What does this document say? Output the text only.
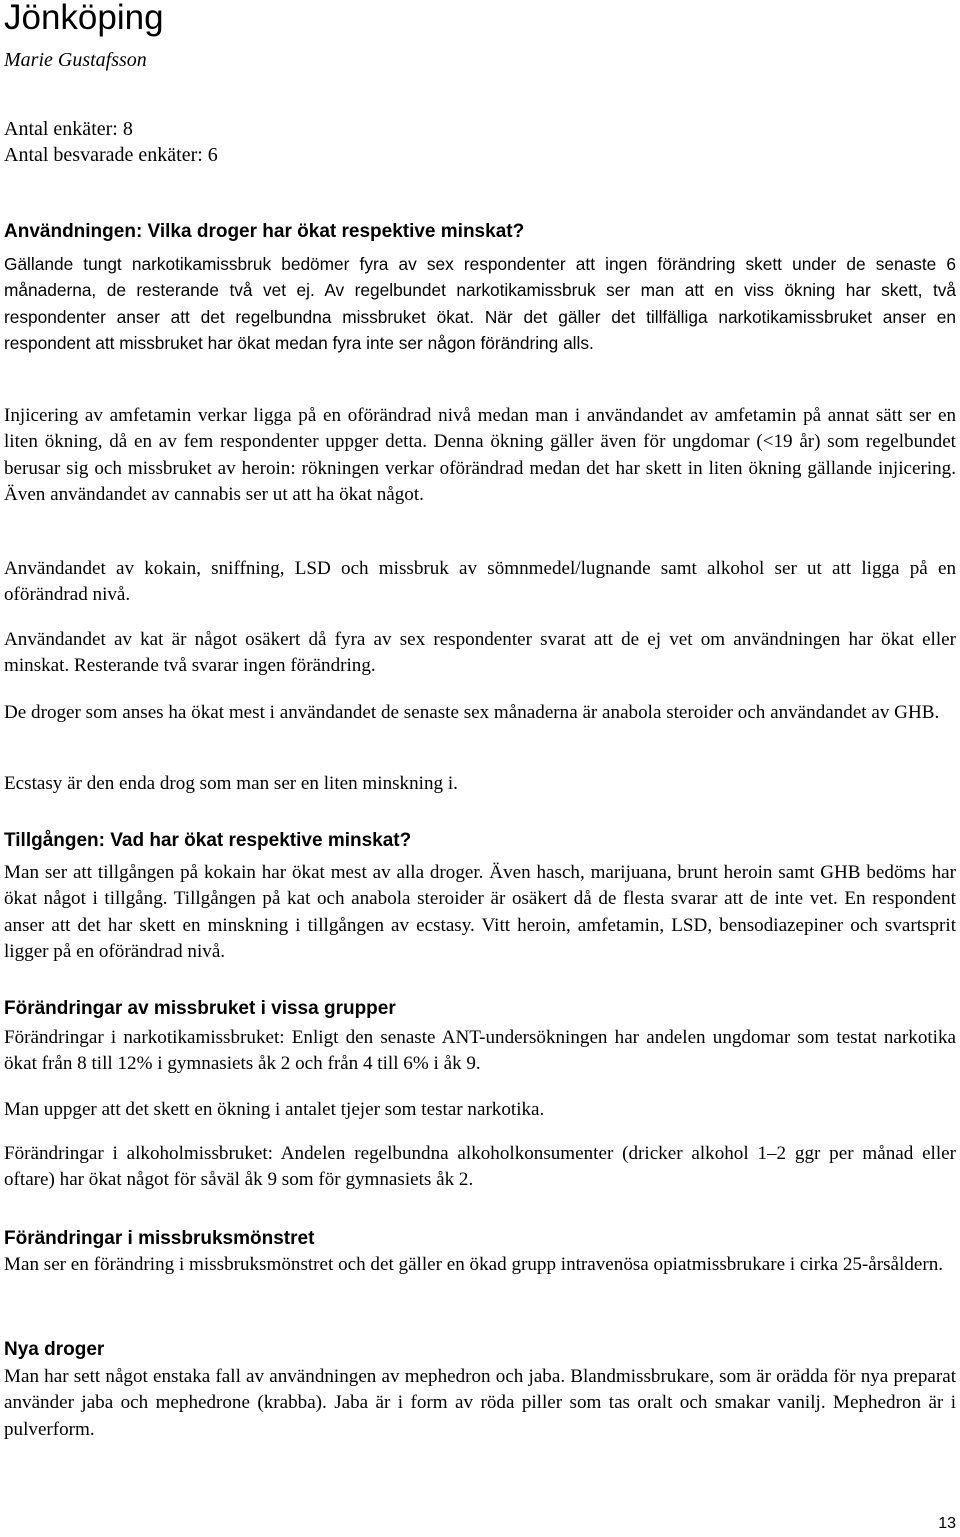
Jönköping
Marie Gustafsson
Antal enkäter: 8
Antal besvarade enkäter: 6
Användningen: Vilka droger har ökat respektive minskat?

Gällande tungt narkotikamissbruk bedömer fyra av sex respondenter att ingen förändring skett under de senaste 6 månaderna, de resterande två vet ej. Av regelbundet narkotikamissbruk ser man att en viss ökning har skett, två respondenter anser att det regelbundna missbruket ökat. När det gäller det tillfälliga narkotikamissbruket anser en respondent att missbruket har ökat medan fyra inte ser någon förändring alls.

Injicering av amfetamin verkar ligga på en oförändrad nivå medan man i användandet av amfetamin på annat sätt ser en liten ökning, då en av fem respondenter uppger detta. Denna ökning gäller även för ungdomar (<19 år) som regelbundet berusar sig och missbruket av heroin: rökningen verkar oförändrad medan det har skett in liten ökning gällande injicering. Även användandet av cannabis ser ut att ha ökat något.

Användandet av kokain, sniffning, LSD och missbruk av sömnmedel/lugnande samt alkohol ser ut att ligga på en oförändrad nivå.

Användandet av kat är något osäkert då fyra av sex respondenter svarat att de ej vet om användningen har ökat eller minskat. Resterande två svarar ingen förändring.

De droger som anses ha ökat mest i användandet de senaste sex månaderna är anabola steroider och användandet av GHB.

Ecstasy är den enda drog som man ser en liten minskning i.

Tillgången: Vad har ökat respektive minskat?

Man ser att tillgången på kokain har ökat mest av alla droger. Även hasch, marijuana, brunt heroin samt GHB bedöms har ökat något i tillgång. Tillgången på kat och anabola steroider är osäkert då de flesta svarar att de inte vet. En respondent anser att det har skett en minskning i tillgången av ecstasy. Vitt heroin, amfetamin, LSD, bensodiazepiner och svartsprit ligger på en oförändrad nivå.

Förändringar av missbruket i vissa grupper

Förändringar i narkotikamissbruket: Enligt den senaste ANT-undersökningen har andelen ungdomar som testat narkotika ökat från 8 till 12% i gymnasiets åk 2 och från 4 till 6% i åk 9.

Man uppger att det skett en ökning i antalet tjejer som testar narkotika.

Förändringar i alkoholmissbruket: Andelen regelbundna alkoholkonsumenter (dricker alkohol 1–2 ggr per månad eller oftare) har ökat något för såväl åk 9 som för gymnasiets åk 2.

Förändringar i missbruksmönstret

Man ser en förändring i missbruksmönstret och det gäller en ökad grupp intravenösa opiatmissbrukare i cirka 25-årsåldern.

Nya droger

Man har sett något enstaka fall av användningen av mephedron och jaba. Blandmissbrukare, som är orädda för nya preparat använder jaba och mephedrone (krabba). Jaba är i form av röda piller som tas oralt och smakar vanilj. Mephedron är i pulverform.

13
